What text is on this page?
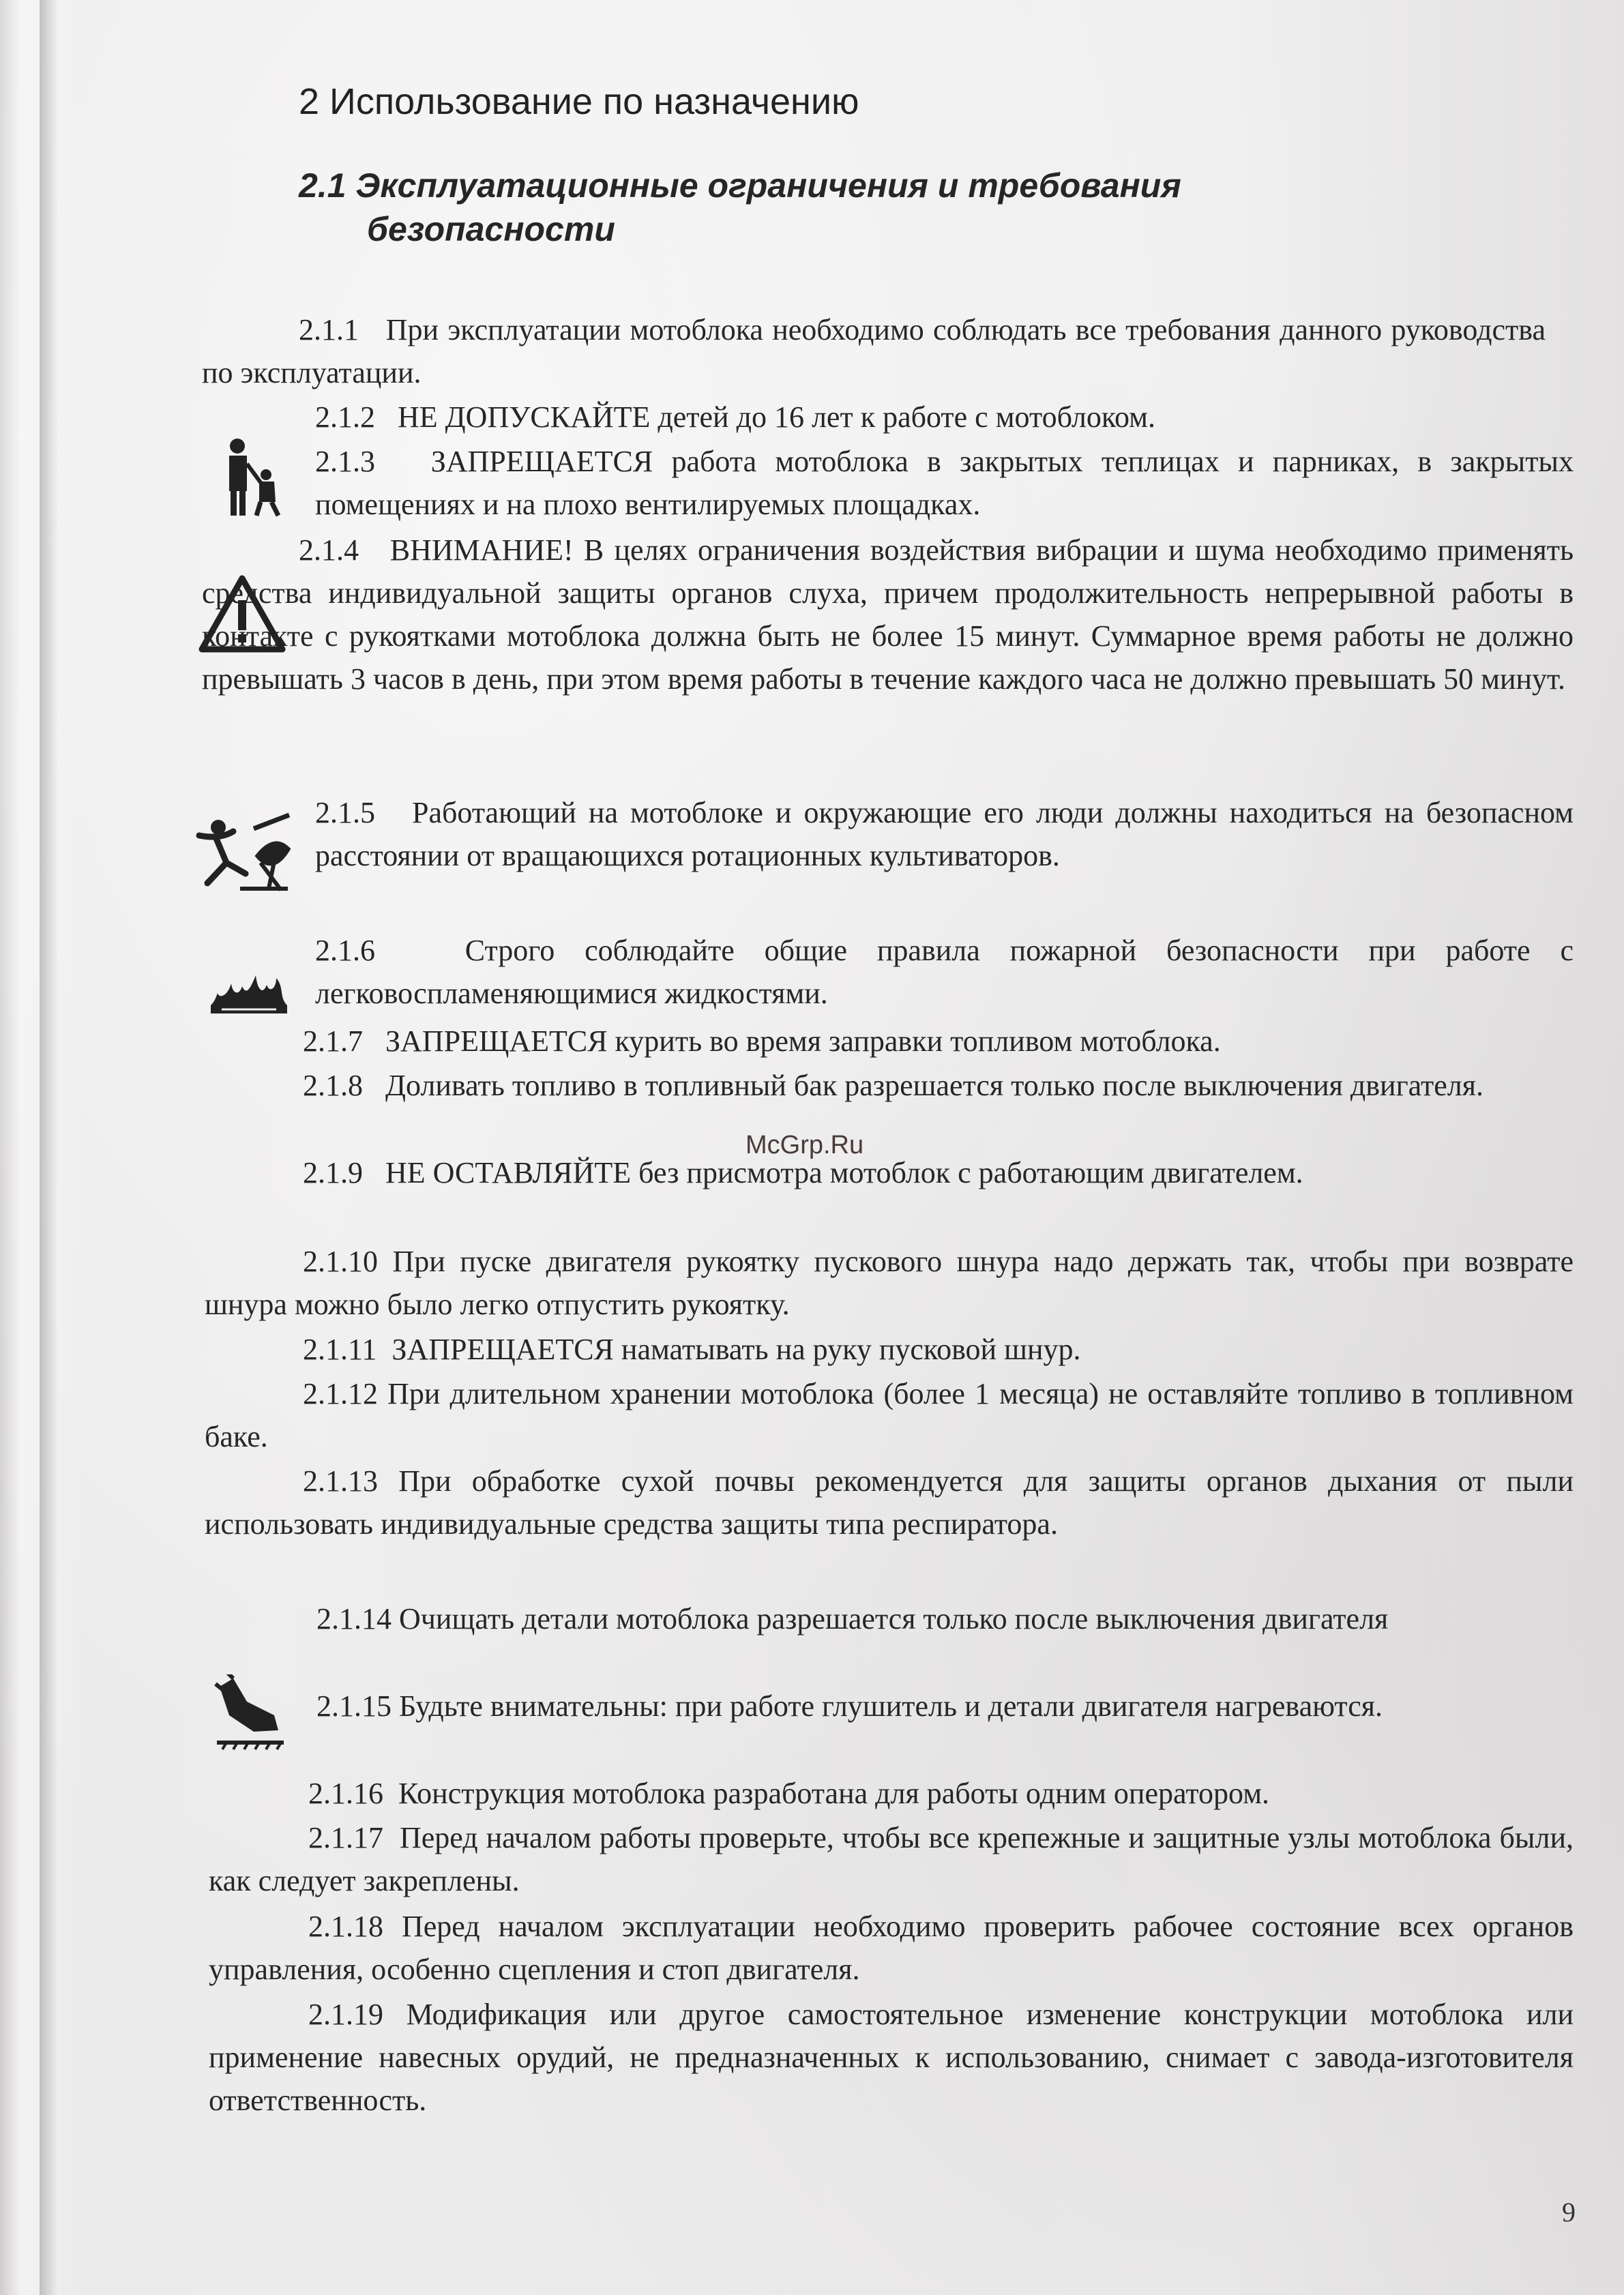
2 Использование по назначению
2.1 Эксплуатационные ограничения и требования
безопасности
2.1.1 При эксплуатации мотоблока необходимо соблюдать все требования данного руководства по эксплуатации.
2.1.2 НЕ ДОПУСКАЙТЕ детей до 16 лет к работе с мотоблоком.
2.1.3 ЗАПРЕЩАЕТСЯ работа мотоблока в закрытых теплицах и парниках, в закрытых помещениях и на плохо вентилируемых площадках.
2.1.4 ВНИМАНИЕ! В целях ограничения воздействия вибрации и шума необходимо применять средства индивидуальной защиты органов слуха, причем продолжительность непрерывной работы в контакте с рукоятками мотоблока должна быть не более 15 минут. Суммарное время работы не должно превышать 3 часов в день, при этом время работы в течение каждого часа не должно превышать 50 минут.
2.1.5 Работающий на мотоблоке и окружающие его люди должны находиться на безопасном расстоянии от вращающихся ротационных культиваторов.
2.1.6	Строго соблюдайте общие правила пожарной безопасности при работе с легковоспламеняющимися жидкостями.
2.1.7 ЗАПРЕЩАЕТСЯ курить во время заправки топливом мотоблока.
2.1.8 Доливать топливо в топливный бак разрешается только после выключения двигателя.
2.1.9 НЕ ОСТАВЛЯЙТЕ без присмотра мотоблок с работающим двигателем.
2.1.10 При пуске двигателя рукоятку пускового шнура надо держать так, чтобы при возврате шнура можно было легко отпустить рукоятку.
2.1.11 ЗАПРЕЩАЕТСЯ наматывать на руку пусковой шнур.
2.1.12 При длительном хранении мотоблока (более 1 месяца) не оставляйте топливо в топливном баке.
2.1.13 При обработке сухой почвы рекомендуется для защиты органов дыхания от пыли использовать индивидуальные средства защиты типа респиратора.
2.1.14 Очищать детали мотоблока разрешается только после выключения двигателя
2.1.15 Будьте внимательны: при работе глушитель и детали двигателя нагреваются.
2.1.16 Конструкция мотоблока разработана для работы одним оператором.
2.1.17 Перед началом работы проверьте, чтобы все крепежные и защитные узлы мотоблока были, как следует закреплены.
2.1.18 Перед началом эксплуатации необходимо проверить рабочее состояние всех органов управления, особенно сцепления и стоп двигателя.
2.1.19 Модификация или другое самостоятельное изменение конструкции мотоблока или применение навесных орудий, не предназначенных к использованию, снимает с завода-изготовителя ответственность.
McGrp.Ru
9
